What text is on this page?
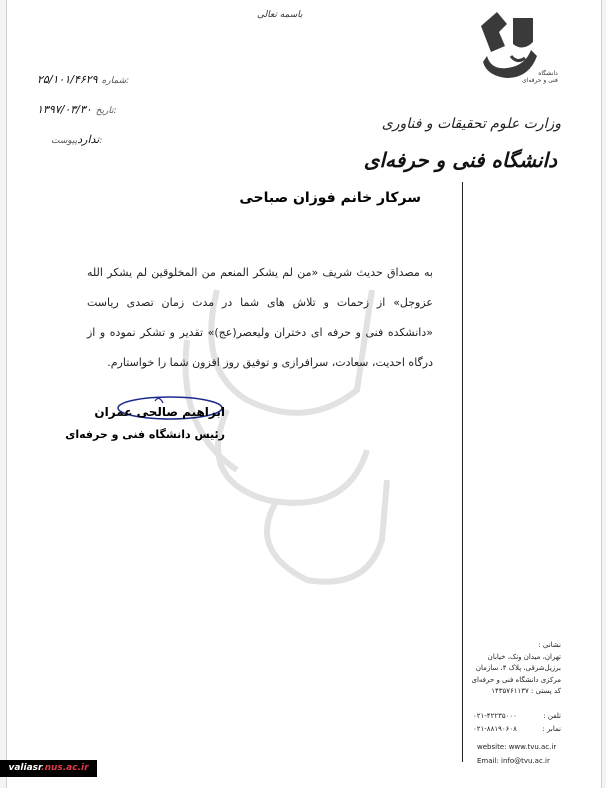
باسمه تعالی
دانشگاه
فنی و حرفه‌ای
وزارت علوم تحقیقات و فناوری
دانشگاه فنی و حرفه‌ای
۲۵/۱۰۱/۴۶۲۹ شماره:
۱۳۹۷/۰۳/۳۰ تاریخ:
نداردپیوست:
سرکار خانم فوزان صباحی
به مصداق حدیث شریف «من لم یشکر المنعم من المخلوقین لم یشکر الله عزوجل» از زحمات و تلاش های شما در مدت زمان تصدی ریاست «دانشکده فنی و حرفه ای دختران ولیعصر(عج)» تقدیر و تشکر نموده و از درگاه احدیت، سعادت، سرافرازی و توفیق روز افزون شما را خواستارم.
ابراهیم صالحی عمران
رئیس دانشگاه فنی و حرفه‌ای
نشانی :
تهران، میدان ونک، خیابان
برزیل‌شرقی، پلاک ۴، سازمان
مرکزی دانشگاه فنی و حرفه‌ای
کد پستی : ۱۴۳۵۷۶۱۱۳۷
تلفن :
۰۲۱-۴۲۲۳۵۰۰۰
نمابر :
۰۲۱-۸۸۱۹۰۶۰۸
website: www.tvu.ac.ir
Email: info@tvu.ac.ir
valiasr.nus.ac.ir
